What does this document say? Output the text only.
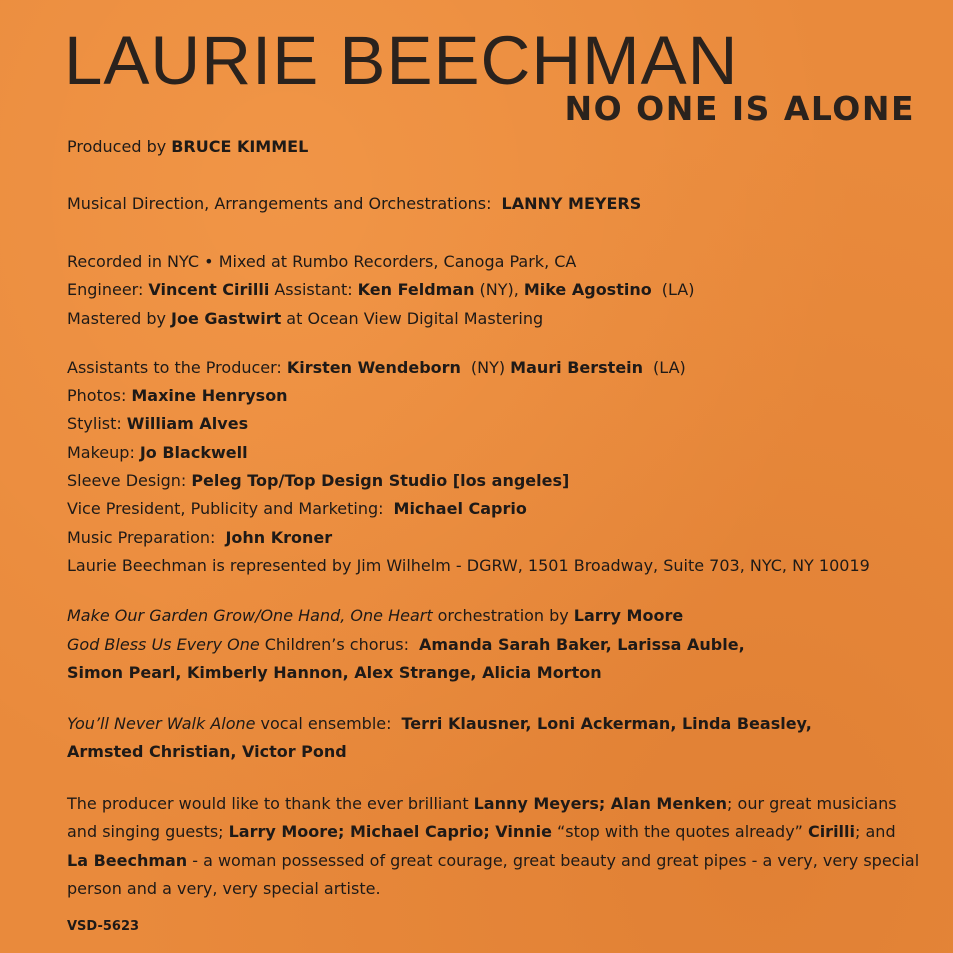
LAURIE BEECHMAN
NO ONE IS ALONE
Produced by BRUCE KIMMEL
Musical Direction, Arrangements and Orchestrations: LANNY MEYERS
Recorded in NYC • Mixed at Rumbo Recorders, Canoga Park, CA
Engineer: Vincent Cirilli Assistant: Ken Feldman (NY), Mike Agostino (LA)
Mastered by Joe Gastwirt at Ocean View Digital Mastering
Assistants to the Producer: Kirsten Wendeborn (NY) Mauri Berstein (LA)
Photos: Maxine Henryson
Stylist: William Alves
Makeup: Jo Blackwell
Sleeve Design: Peleg Top/Top Design Studio [los angeles]
Vice President, Publicity and Marketing: Michael Caprio
Music Preparation: John Kroner
Laurie Beechman is represented by Jim Wilhelm - DGRW, 1501 Broadway, Suite 703, NYC, NY 10019
Make Our Garden Grow/One Hand, One Heart orchestration by Larry Moore
God Bless Us Every One Children’s chorus: Amanda Sarah Baker, Larissa Auble,
Simon Pearl, Kimberly Hannon, Alex Strange, Alicia Morton
You’ll Never Walk Alone vocal ensemble: Terri Klausner, Loni Ackerman, Linda Beasley,
Armsted Christian, Victor Pond
The producer would like to thank the ever brilliant Lanny Meyers; Alan Menken; our great musicians
and singing guests; Larry Moore; Michael Caprio; Vinnie “stop with the quotes already” Cirilli; and
La Beechman - a woman possessed of great courage, great beauty and great pipes - a very, very special
person and a very, very special artiste.
VSD-5623
